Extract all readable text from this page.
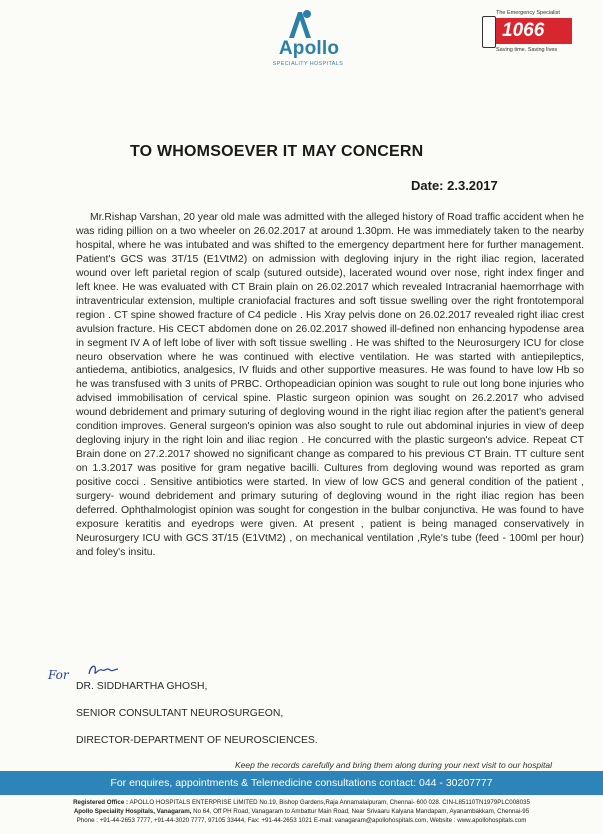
Apollo
SPECIALITY HOSPITALS
The Emergency Specialist
1066
Saving time. Saving lives
TO WHOMSOEVER IT MAY CONCERN
Date: 2.3.2017

Mr.Rishap Varshan, 20 year old male was admitted with the alleged history of Road traffic accident when he was riding pillion on a two wheeler on 26.02.2017 at around 1.30pm. He was immediately taken to the nearby hospital, where he was intubated and was shifted to the emergency department here for further management. Patient's GCS was 3T/15 (E1VtM2) on admission with degloving injury in the right iliac region, lacerated wound over left parietal region of scalp (sutured outside), lacerated wound over nose, right index finger and left knee. He was evaluated with CT Brain plain on 26.02.2017 which revealed Intracranial haemorrhage with intraventricular extension, multiple craniofacial fractures and soft tissue swelling over the right frontotemporal region . CT spine showed fracture of C4 pedicle . His Xray pelvis done on 26.02.2017 revealed right iliac crest avulsion fracture. His CECT abdomen done on 26.02.2017 showed ill-defined non enhancing hypodense area in segment IV A of left lobe of liver with soft tissue swelling . He was shifted to the Neurosurgery ICU for close neuro observation where he was continued with elective ventilation. He was started with antiepileptics, antiedema, antibiotics, analgesics, IV fluids and other supportive measures. He was found to have low Hb so he was transfused with 3 units of PRBC. Orthopeadician opinion was sought to rule out long bone injuries who advised immobilisation of cervical spine. Plastic surgeon opinion was sought on 26.2.2017 who advised wound debridement and primary suturing of degloving wound in the right iliac region after the patient's general condition improves. General surgeon's opinion was also sought to rule out abdominal injuries in view of deep degloving injury in the right loin and iliac region . He concurred with the plastic surgeon's advice. Repeat CT Brain done on 27.2.2017 showed no significant change as compared to his previous CT Brain. TT culture sent on 1.3.2017 was positive for gram negative bacilli. Cultures from degloving wound was reported as gram positive cocci . Sensitive antibiotics were started. In view of low GCS and general condition of the patient , surgery- wound debridement and primary suturing of degloving wound in the right iliac region has been deferred. Ophthalmologist opinion was sought for congestion in the bulbar conjunctiva. He was found to have exposure keratitis and eyedrops were given. At present , patient is being managed conservatively in Neurosurgery ICU with GCS 3T/15 (E1VtM2) , on mechanical ventilation ,Ryle's tube (feed - 100ml per hour) and foley's insitu.

For
DR. SIDDHARTHA GHOSH,
SENIOR CONSULTANT NEUROSURGEON,
DIRECTOR-DEPARTMENT OF NEUROSCIENCES.
Keep the records carefully and bring them along during your next visit to our hospital
For enquires, appointments & Telemedicine consultations contact: 044 - 30207777
Registered Office : APOLLO HOSPITALS ENTERPRISE LIMITED No.19, Bishop Gardens,Raja Annamalaipuram, Chennai- 600 028. CIN-L85110TN1979PLC008035
Apollo Speciality Hospitals, Vanagaram, No 64, Off PH Road, Vanagaram to Ambattur Main Road, Near Srivaaru Kalyana Mandapam, Ayanambakkam, Chennai-95
Phone : +91-44-2653 7777, +91-44-3020 7777, 97105 33444, Fax: +91-44-2653 1021 E-mail: vanagaram@apollohospitals.com, Website : www.apollohospitals.com
